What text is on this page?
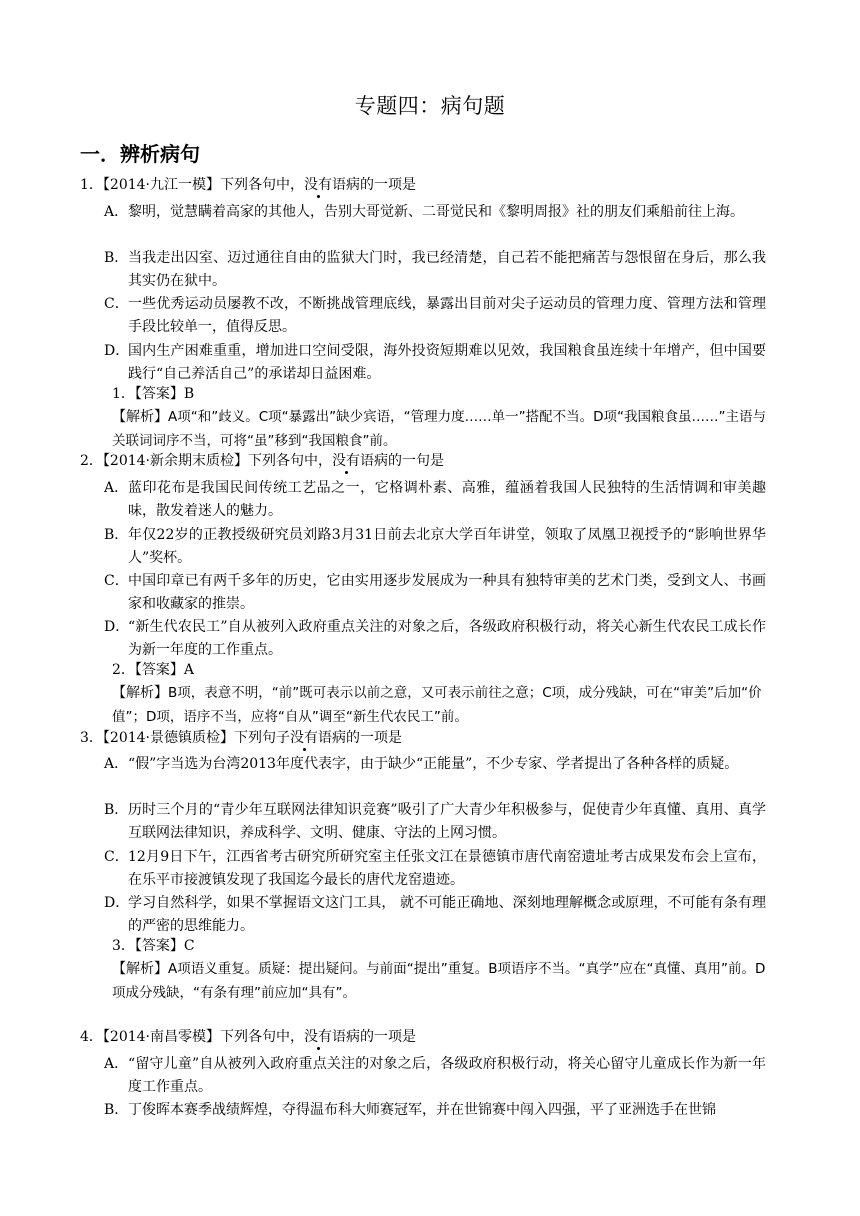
专题四：病句题
一．辨析病句
1．【2014·九江一模】下列各句中，没有语病的一项是
A． 黎明，觉慧瞒着高家的其他人，告别大哥觉新、二哥觉民和《黎明周报》社的朋友们乘船前往上海。
B． 当我走出囚室、迈过通往自由的监狱大门时，我已经清楚，自己若不能把痛苦与怨恨留在身后，那么我其实仍在狱中。
C． 一些优秀运动员屡教不改，不断挑战管理底线，暴露出目前对尖子运动员的管理力度、管理方法和管理手段比较单一，值得反思。
D．
国内生产困难重重，增加进口空间受限，海外投资短期难以见效，我国粮食虽连续十年增产，但中国要践行“自己养活自己”的承诺却日益困难。
1．【答案】B
【解析】A项“和”歧义。C项“暴露出”缺少宾语，“管理力度……单一”搭配不当。D项“我国粮食虽……”主语与关联词词序不当，可将“虽”移到“我国粮食”前。
2．【2014·新余期末质检】下列各句中，没有语病的一句是
A． 蓝印花布是我国民间传统工艺品之一，它格调朴素、高雅，蕴涵着我国人民独特的生活情调和审美趣味，散发着迷人的魅力。
B． 年仅22岁的正教授级研究员刘路3月31日前去北京大学百年讲堂，领取了凤凰卫视授予的“影响世界华人”奖杯。
C． 中国印章已有两千多年的历史，它由实用逐步发展成为一种具有独特审美的艺术门类，受到文人、书画家和收藏家的推崇。
D．
“新生代农民工”自从被列入政府重点关注的对象之后，各级政府积极行动，将关心新生代农民工成长作为新一年度的工作重点。
2．【答案】A
【解析】B项，表意不明，“前”既可表示以前之意，又可表示前往之意；C项，成分残缺，可在“审美”后加“价值”；D项，语序不当，应将“自从”调至“新生代农民工”前。
3．【2014·景德镇质检】下列句子没有语病的一项是
A． “假”字当选为台湾2013年度代表字，由于缺少“正能量”，不少专家、学者提出了各种各样的质疑。
B． 历时三个月的“青少年互联网法律知识竞赛”吸引了广大青少年积极参与，促使青少年真懂、真用、真学互联网法律知识，养成科学、文明、健康、守法的上网习惯。
C． 12月9日下午，江西省考古研究所研究室主任张文江在景德镇市唐代南窑遗址考古成果发布会上宣布，在乐平市接渡镇发现了我国迄今最长的唐代龙窑遗迹。
D．
学习自然科学，如果不掌握语文这门工具， 就不可能正确地、深刻地理解概念或原理，不可能有条有理的严密的思维能力。
3．【答案】C
【解析】A项语义重复。质疑：提出疑问。与前面“提出”重复。B项语序不当。“真学”应在“真懂、真用”前。D项成分残缺，“有条有理”前应加“具有”。
4．【2014·南昌零模】下列各句中，没有语病的一项是
A． “留守儿童”自从被列入政府重点关注的对象之后，各级政府积极行动，将关心留守儿童成长作为新一年度工作重点。
B． 丁俊晖本赛季战绩辉煌，夺得温布科大师赛冠军，并在世锦赛中闯入四强，平了亚洲选手在世锦
